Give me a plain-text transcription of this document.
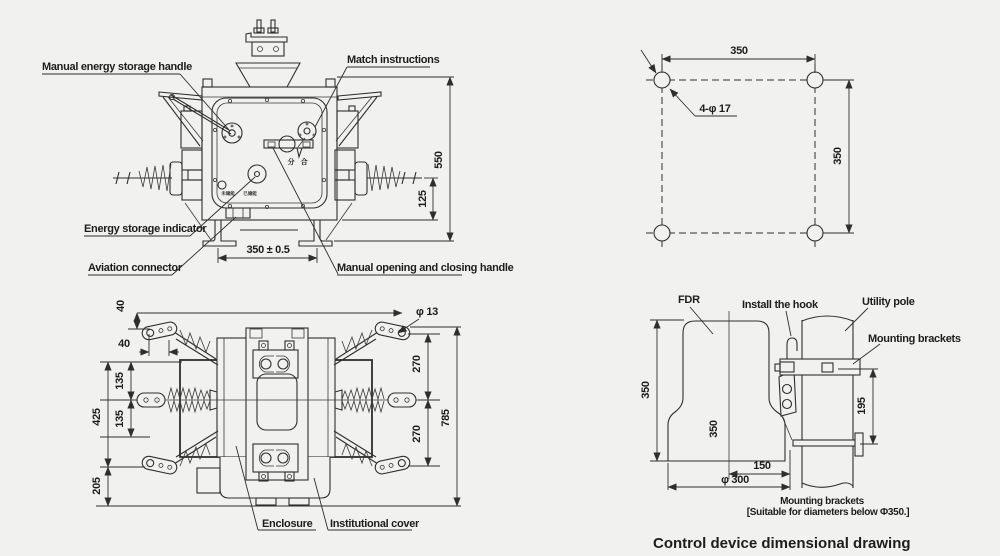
分 合
未储能 已储能
350 ± 0.5
550
125
Manual energy storage handle
Match instructions
Energy storage indicator
Aviation connector	Manual opening and closing handle
4-φ 17
350
350
40
40
135
135
425
205
φ 13
270
270
785
Enclosure Institutional cover
350
350
150
φ 300
195
FDR	Install the hook	Utility pole
Mounting brackets
Mounting brackets
[Suitable for diameters below Φ350.]
Control device dimensional drawing
